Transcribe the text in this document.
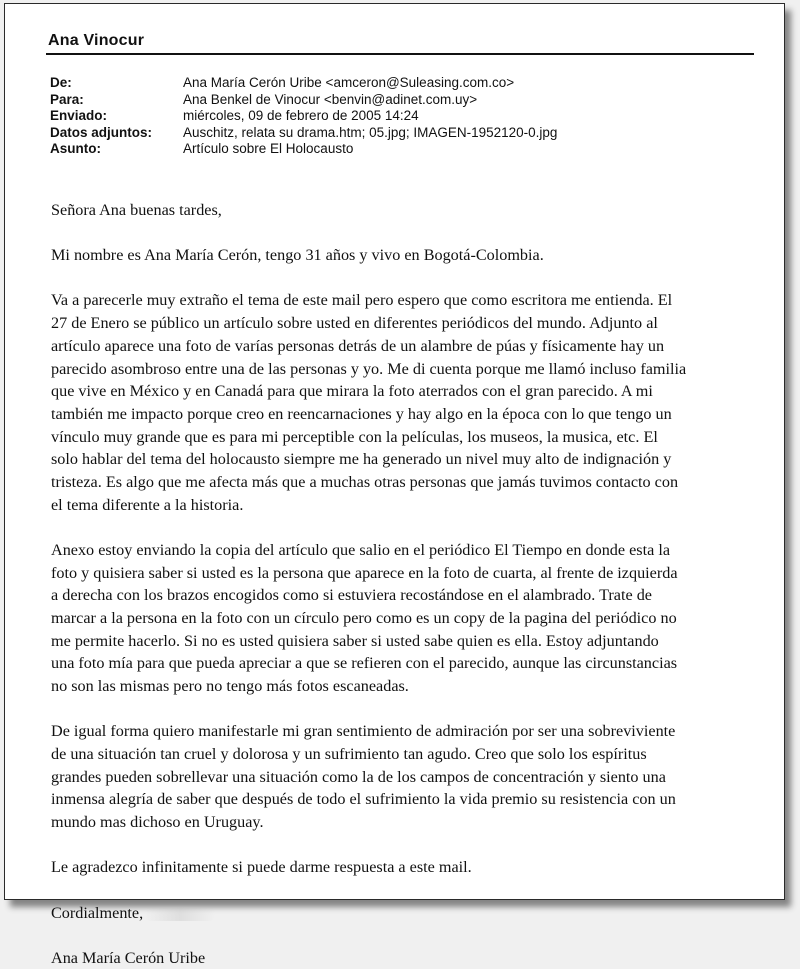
Ana Vinocur
De:	Ana María Cerón Uribe <amceron@Suleasing.com.co>
Para:	Ana Benkel de Vinocur <benvin@adinet.com.uy>
Enviado:	miércoles, 09 de febrero de 2005 14:24
Datos adjuntos:	Auschitz, relata su drama.htm; 05.jpg; IMAGEN-1952120-0.jpg
Asunto:	Artículo sobre El Holocausto

Señora Ana buenas tardes,

Mi nombre es Ana María Cerón, tengo 31 años y vivo en Bogotá-Colombia.

Va a parecerle muy extraño el tema de este mail pero espero que como escritora me entienda. El
27 de Enero se público un artículo sobre usted en diferentes periódicos del mundo. Adjunto al
artículo aparece una foto de varías personas detrás de un alambre de púas y físicamente hay un
parecido asombroso entre una de las personas y yo. Me di cuenta porque me llamó incluso familia
que vive en México y en Canadá para que mirara la foto aterrados con el gran parecido. A mi
también me impacto porque creo en reencarnaciones y hay algo en la época con lo que tengo un
vínculo muy grande que es para mi perceptible con la películas, los museos, la musica, etc. El
solo hablar del tema del holocausto siempre me ha generado un nivel muy alto de indignación y
tristeza. Es algo que me afecta más que a muchas otras personas que jamás tuvimos contacto con
el tema diferente a la historia.

Anexo estoy enviando la copia del artículo que salio en el periódico El Tiempo en donde esta la
foto y quisiera saber si usted es la persona que aparece en la foto de cuarta, al frente de izquierda
a derecha con los brazos encogidos como si estuviera recostándose en el alambrado. Trate de
marcar a la persona en la foto con un círculo pero como es un copy de la pagina del periódico no
me permite hacerlo. Si no es usted quisiera saber si usted sabe quien es ella. Estoy adjuntando
una foto mía para que pueda apreciar a que se refieren con el parecido, aunque las circunstancias
no son las mismas pero no tengo más fotos escaneadas.

De igual forma quiero manifestarle mi gran sentimiento de admiración por ser una sobreviviente
de una situación tan cruel y dolorosa y un sufrimiento tan agudo. Creo que solo los espíritus
grandes pueden sobrellevar una situación como la de los campos de concentración y siento una
inmensa alegría de saber que después de todo el sufrimiento la vida premio su resistencia con un
mundo mas dichoso en Uruguay.

Le agradezco infinitamente si puede darme respuesta a este mail.

Cordialmente,

Ana María Cerón Uribe
